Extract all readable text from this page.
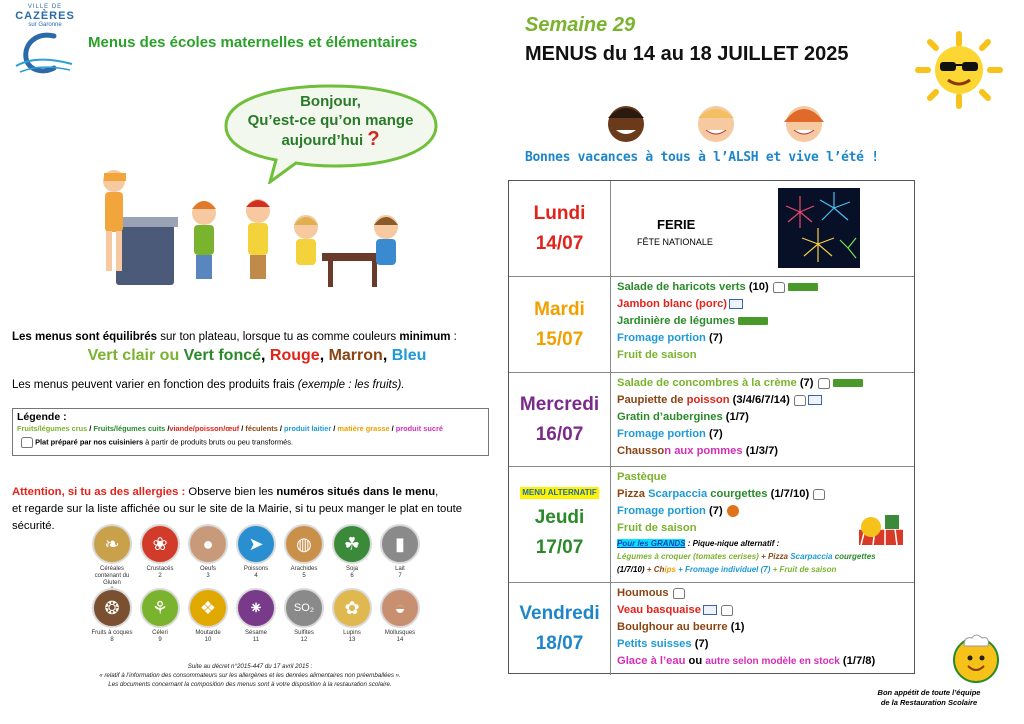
VILLE DE
CAZÈRES
sur Garonne
Menus des écoles maternelles et élémentaires
Semaine 29
MENUS du 14 au 18 JUILLET 2025
Bonjour,
Qu’est-ce qu’on mange
aujourd’hui ?
Bonnes vacances à tous à l’ALSH et vive l’été !
Les menus sont équilibrés sur ton plateau, lorsque tu as comme couleurs minimum :
Vert clair ou Vert foncé, Rouge, Marron, Bleu
Les menus peuvent varier en fonction des produits frais (exemple : les fruits).
Légende :
Fruits/légumes crus / Fruits/légumes cuits /viande/poisson/œuf / féculents / produit laitier / matière grasse / produit sucré
Plat préparé par nos cuisiniers à partir de produits bruts ou peu transformés.
Attention, si tu as des allergies : Observe bien les numéros situés dans le menu,
et regarde sur la liste affichée ou sur le site de la Mairie, si tu peux manger le plat en toute sécurité.
❧
Céréales contenant du Gluten
❀
Crustacés
2
●
Oeufs
3
➤
Poissons
4
◍
Arachides
5
☘
Soja
6
▮
Lait
7
❂
Fruits à coques
8
⚘
Céleri
9
❖
Moutarde
10
⁕
Sésame
11
SO₂
Sulfites
12
✿
Lupins
13
◒
Mollusques
14
Suite au décret n°2015-447 du 17 avril 2015 :
« relatif à l’information des consommateurs sur les allergènes et les denrées alimentaires non préemballées ».
Les documents concernant la composition des menus sont à votre disposition à la restauration scolaire.
Lundi
14/07
FERIE
FÊTE NATIONALE
Mardi
15/07
Salade de haricots verts (10)
Jambon blanc (porc)
Jardinière de légumes
Fromage portion (7)
Fruit de saison
Mercredi
16/07
Salade de concombres à la crème (7)
Paupiette de poisson (3/4/6/7/14)
Gratin d’aubergines (1/7)
Fromage portion (7)
Chausson aux pommes (1/3/7)
MENU ALTERNATIF
Jeudi
17/07
Pastèque
Pizza Scarpaccia courgettes (1/7/10)
Fromage portion (7)
Fruit de saison
Pour les GRANDS : Pique-nique alternatif :
Légumes à croquer (tomates cerises) + Pizza Scarpaccia courgettes
(1/7/10) + Chips + Fromage individuel (7) + Fruit de saison
Vendredi
18/07
Houmous
Veau basquaise
Boulghour au beurre (1)
Petits suisses (7)
Glace à l’eau ou autre selon modèle en stock (1/7/8)
Bon appétit de toute l’équipe
de la Restauration Scolaire
